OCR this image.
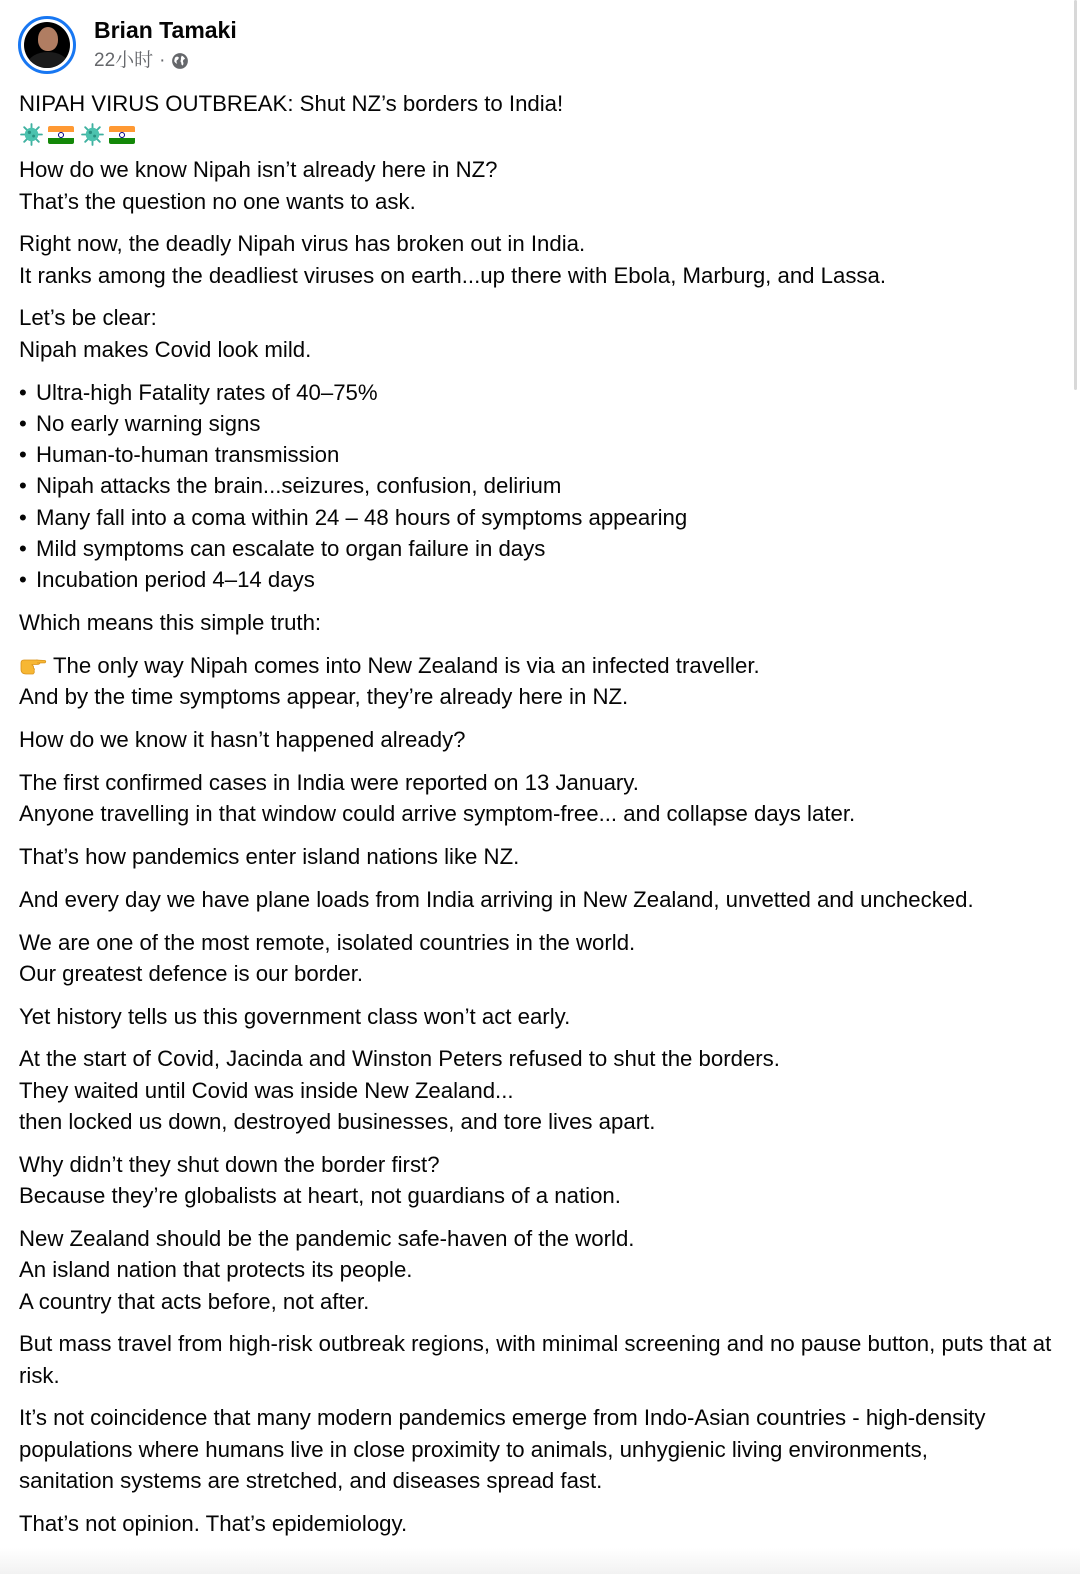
Brian Tamaki
22小时 ·
NIPAH VIRUS OUTBREAK: Shut NZ’s borders to India!
How do we know Nipah isn’t already here in NZ?
That’s the question no one wants to ask.
Right now, the deadly Nipah virus has broken out in India.
It ranks among the deadliest viruses on earth...up there with Ebola, Marburg, and Lassa.
Let’s be clear:
Nipah makes Covid look mild.
• Ultra-high Fatality rates of 40–75%
• No early warning signs
• Human-to-human transmission
• Nipah attacks the brain...seizures, confusion, delirium
• Many fall into a coma within 24 – 48 hours of symptoms appearing
• Mild symptoms can escalate to organ failure in days
• Incubation period 4–14 days
Which means this simple truth:
The only way Nipah comes into New Zealand is via an infected traveller.
And by the time symptoms appear, they’re already here in NZ.
How do we know it hasn’t happened already?
The first confirmed cases in India were reported on 13 January.
Anyone travelling in that window could arrive symptom-free... and collapse days later.
That’s how pandemics enter island nations like NZ.
And every day we have plane loads from India arriving in New Zealand, unvetted and unchecked.
We are one of the most remote, isolated countries in the world.
Our greatest defence is our border.
Yet history tells us this government class won’t act early.
At the start of Covid, Jacinda and Winston Peters refused to shut the borders.
They waited until Covid was inside New Zealand...
then locked us down, destroyed businesses, and tore lives apart.
Why didn’t they shut down the border first?
Because they’re globalists at heart, not guardians of a nation.
New Zealand should be the pandemic safe-haven of the world.
An island nation that protects its people.
A country that acts before, not after.
But mass travel from high-risk outbreak regions, with minimal screening and no pause button, puts that at risk.
It’s not coincidence that many modern pandemics emerge from Indo-Asian countries - high-density populations where humans live in close proximity to animals, unhygienic living environments, sanitation systems are stretched, and diseases spread fast.
That’s not opinion. That’s epidemiology.
